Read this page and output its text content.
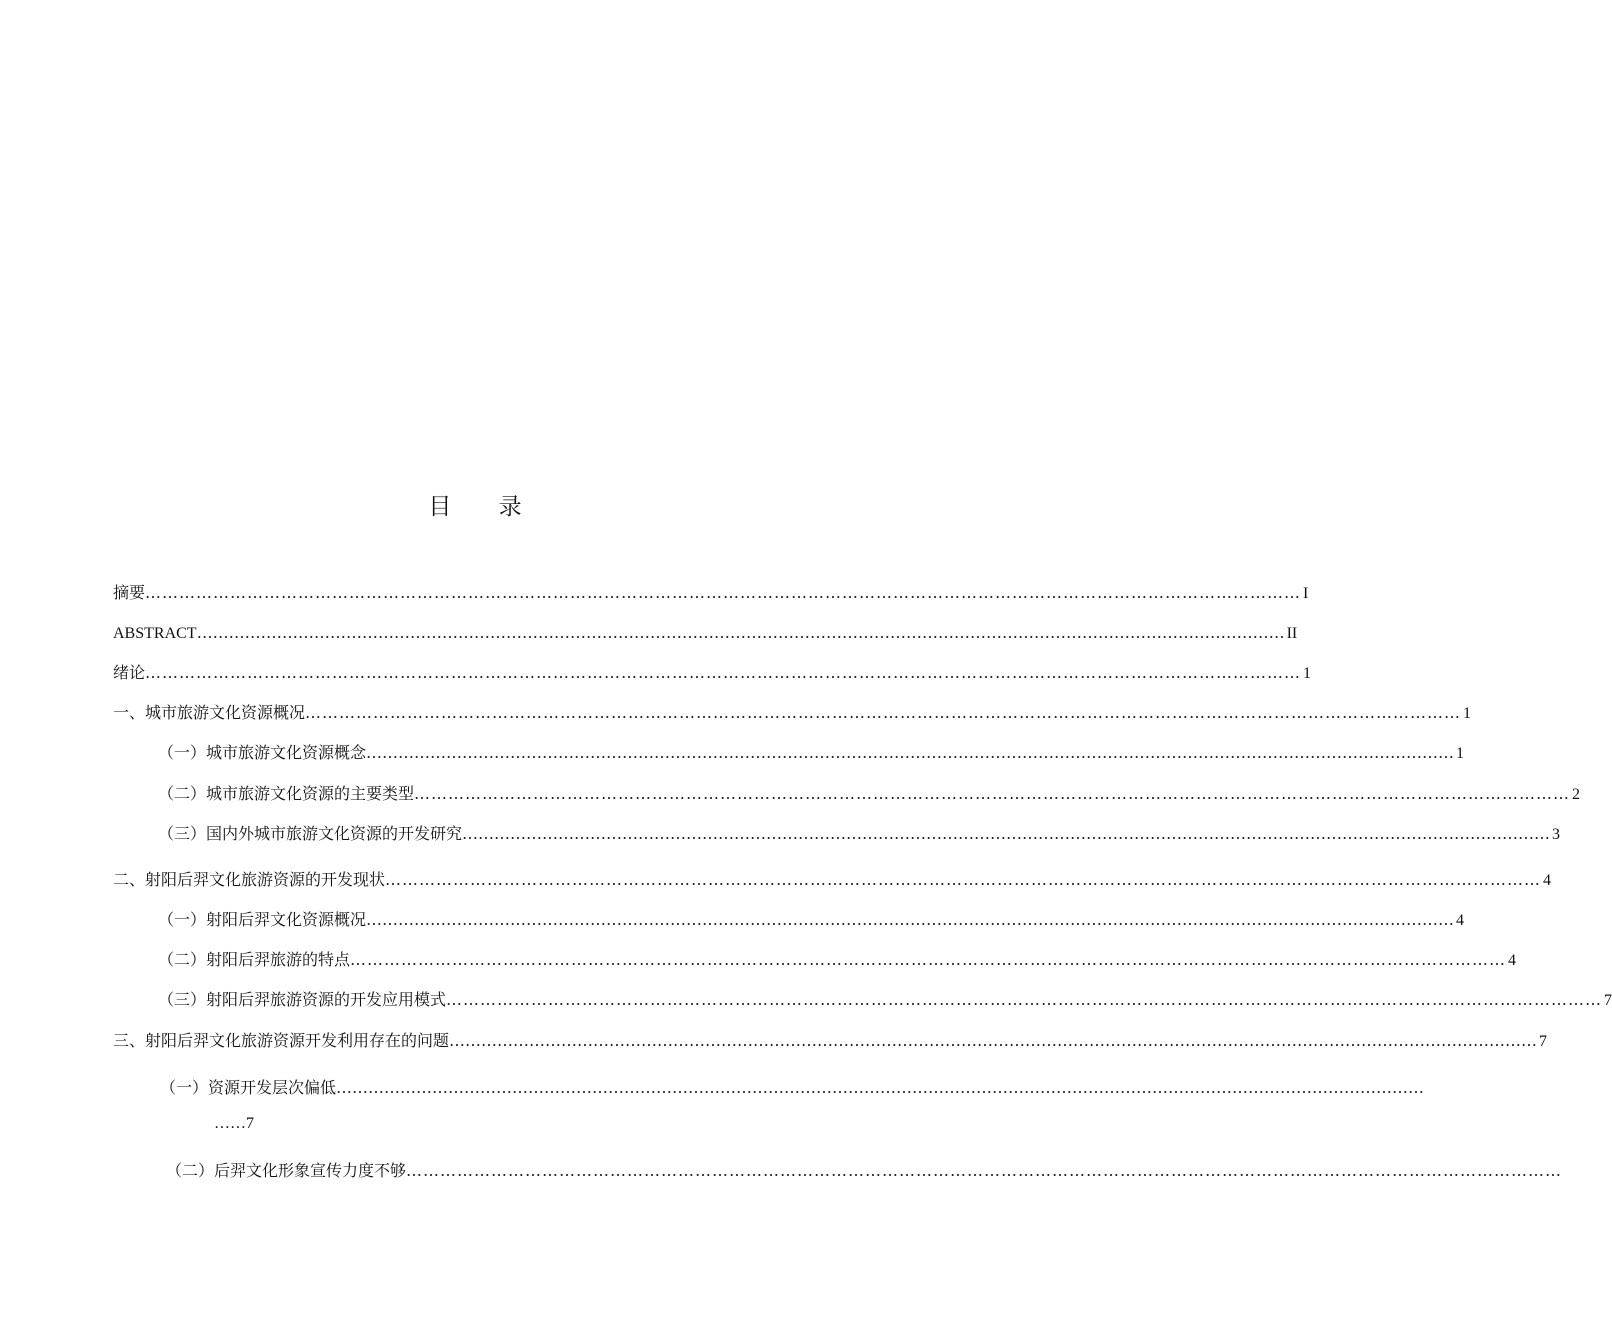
目 录
摘要 …………………………………………………………………………………………………………………………………………………………………………………… I
ABSTRACT …………………………………………………………………………………………………………………………………………………………………………………… II
绪论 …………………………………………………………………………………………………………………………………………………………………………………… 1
一、城市旅游文化资源概况 …………………………………………………………………………………………………………………………………………………………………………………… 1
（一）城市旅游文化资源概念 …………………………………………………………………………………………………………………………………………………………………………………… 1
（二）城市旅游文化资源的主要类型 …………………………………………………………………………………………………………………………………………………………………………………… 2
（三）国内外城市旅游文化资源的开发研究 …………………………………………………………………………………………………………………………………………………………………………………… 3
二、射阳后羿文化旅游资源的开发现状 …………………………………………………………………………………………………………………………………………………………………………………… 4
（一）射阳后羿文化资源概况 …………………………………………………………………………………………………………………………………………………………………………………… 4
（二）射阳后羿旅游的特点 …………………………………………………………………………………………………………………………………………………………………………………… 4
（三）射阳后羿旅游资源的开发应用模式 …………………………………………………………………………………………………………………………………………………………………………………… 7
三、射阳后羿文化旅游资源开发利用存在的问题 …………………………………………………………………………………………………………………………………………………………………………………… 7
（一） 资源开发层次偏低 ……………………………………………………………………………………………………………………………………………………………………………………
……7
（二） 后羿文化形象宣传力度不够 ……………………………………………………………………………………………………………………………………………………………………………………
